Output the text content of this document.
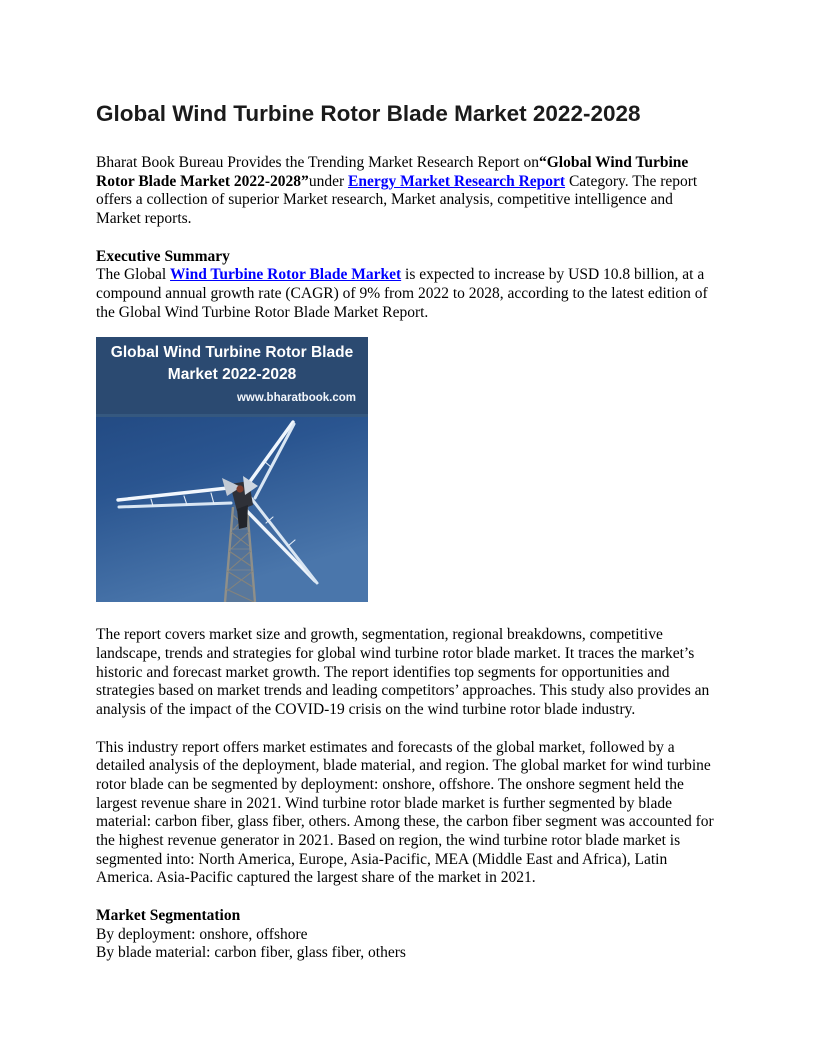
Global Wind Turbine Rotor Blade Market 2022-2028

Bharat Book Bureau Provides the Trending Market Research Report on“Global Wind Turbine Rotor Blade Market 2022-2028”under Energy Market Research Report Category. The report offers a collection of superior Market research, Market analysis, competitive intelligence and Market reports.

Executive Summary

The Global Wind Turbine Rotor Blade Market is expected to increase by USD 10.8 billion, at a compound annual growth rate (CAGR) of 9% from 2022 to 2028, according to the latest edition of the Global Wind Turbine Rotor Blade Market Report.

Global Wind Turbine Rotor Blade
Market 2022-2028
www.bharatbook.com

The report covers market size and growth, segmentation, regional breakdowns, competitive landscape, trends and strategies for global wind turbine rotor blade market. It traces the market’s historic and forecast market growth. The report identifies top segments for opportunities and strategies based on market trends and leading competitors’ approaches. This study also provides an analysis of the impact of the COVID-19 crisis on the wind turbine rotor blade industry.

This industry report offers market estimates and forecasts of the global market, followed by a detailed analysis of the deployment, blade material, and region. The global market for wind turbine rotor blade can be segmented by deployment: onshore, offshore. The onshore segment held the largest revenue share in 2021. Wind turbine rotor blade market is further segmented by blade material: carbon fiber, glass fiber, others. Among these, the carbon fiber segment was accounted for the highest revenue generator in 2021. Based on region, the wind turbine rotor blade market is segmented into: North America, Europe, Asia-Pacific, MEA (Middle East and Africa), Latin America. Asia-Pacific captured the largest share of the market in 2021.

Market Segmentation

By deployment: onshore, offshore

By blade material: carbon fiber, glass fiber, others
